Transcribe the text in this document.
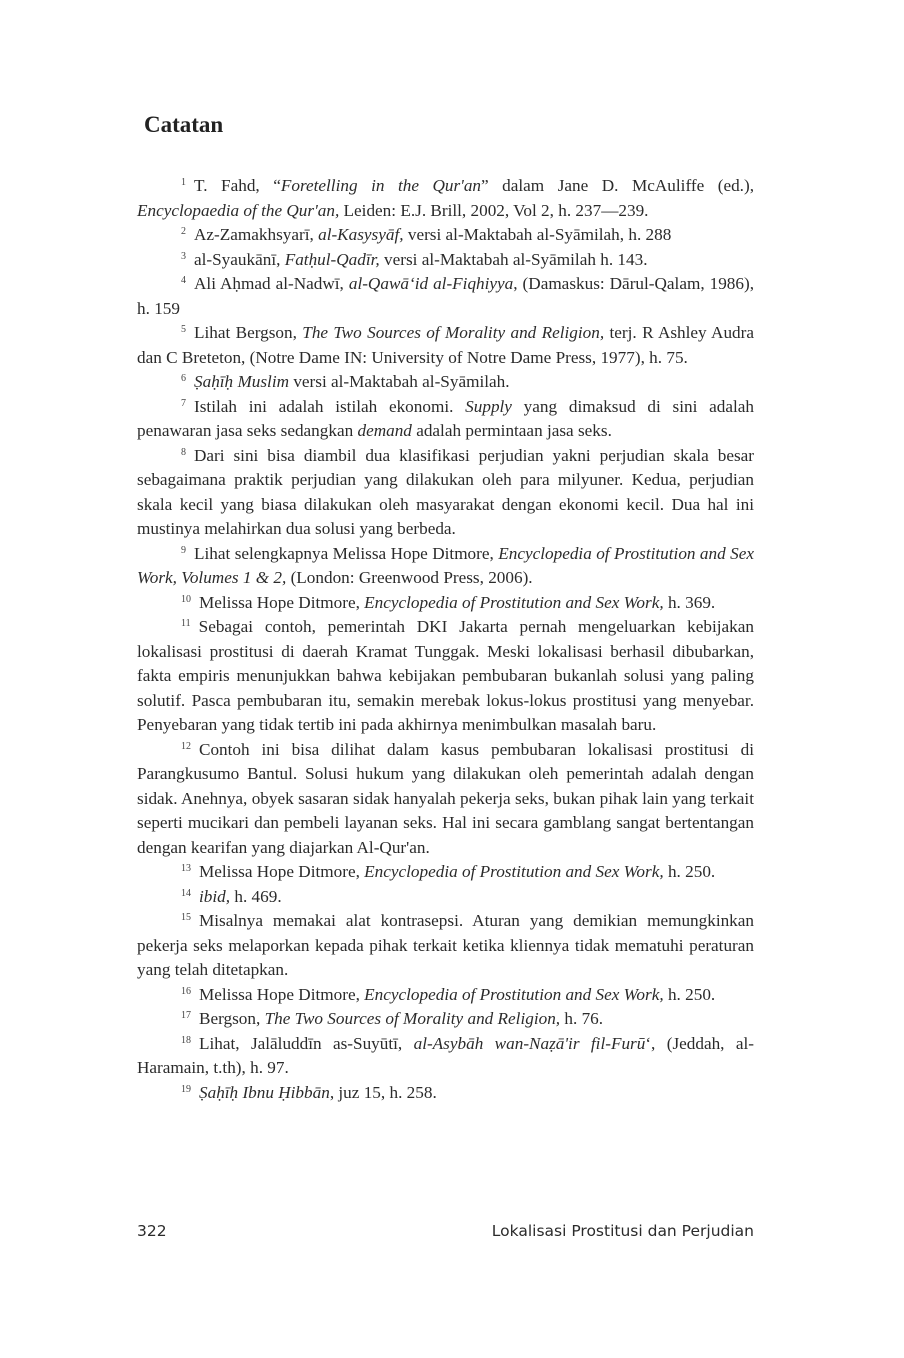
Catatan

$^1$ T. Fahd, “Foretelling in the Qur'an” dalam Jane D. McAuliffe (ed.), Encyclopaedia of the Qur'an, Leiden: E.J. Brill, 2002, Vol 2, h. 237—239.

$^2$ Az-Zamakhsyarī, al-Kasysyāf, versi al-Maktabah al-Syāmilah, h. 288

$^3$ al-Syaukānī, Fatḥul-Qadīr, versi al-Maktabah al-Syāmilah h. 143.

$^4$ Ali Aḥmad al-Nadwī, al-Qawā‘id al-Fiqhiyya, (Damaskus: Dārul-Qalam, 1986), h. 159

$^5$ Lihat Bergson, The Two Sources of Morality and Religion, terj. R Ashley Audra dan C Breteton, (Notre Dame IN: University of Notre Dame Press, 1977), h. 75.

$^6$ Ṣaḥīḥ Muslim versi al-Maktabah al-Syāmilah.

$^7$ Istilah ini adalah istilah ekonomi. Supply yang dimaksud di sini adalah penawaran jasa seks sedangkan demand adalah permintaan jasa seks.

$^8$ Dari sini bisa diambil dua klasifikasi perjudian yakni perjudian skala besar sebagaimana praktik perjudian yang dilakukan oleh para milyuner. Kedua, perjudian skala kecil yang biasa dilakukan oleh masyarakat dengan ekonomi kecil. Dua hal ini mustinya melahirkan dua solusi yang berbeda.

$^9$ Lihat selengkapnya Melissa Hope Ditmore, Encyclopedia of Prostitution and Sex Work, Volumes 1 & 2, (London: Greenwood Press, 2006).

$^{10}$ Melissa Hope Ditmore, Encyclopedia of Prostitution and Sex Work, h. 369.

$^{11}$ Sebagai contoh, pemerintah DKI Jakarta pernah mengeluarkan kebijakan lokalisasi prostitusi di daerah Kramat Tunggak. Meski lokalisasi berhasil dibubarkan, fakta empiris menunjukkan bahwa kebijakan pembubaran bukanlah solusi yang paling solutif. Pasca pembubaran itu, semakin merebak lokus-lokus prostitusi yang menyebar. Penyebaran yang tidak tertib ini pada akhirnya menimbulkan masalah baru.

$^{12}$ Contoh ini bisa dilihat dalam kasus pembubaran lokalisasi prostitusi di Parangkusumo Bantul. Solusi hukum yang dilakukan oleh pemerintah adalah dengan sidak. Anehnya, obyek sasaran sidak hanyalah pekerja seks, bukan pihak lain yang terkait seperti mucikari dan pembeli layanan seks. Hal ini secara gamblang sangat bertentangan dengan kearifan yang diajarkan Al-Qur'an.

$^{13}$ Melissa Hope Ditmore, Encyclopedia of Prostitution and Sex Work, h. 250.

$^{14}$ ibid, h. 469.

$^{15}$ Misalnya memakai alat kontrasepsi. Aturan yang demikian memungkinkan pekerja seks melaporkan kepada pihak terkait ketika kliennya tidak mematuhi peraturan yang telah ditetapkan.

$^{16}$ Melissa Hope Ditmore, Encyclopedia of Prostitution and Sex Work, h. 250.

$^{17}$ Bergson, The Two Sources of Morality and Religion, h. 76.

$^{18}$ Lihat, Jalāluddīn as-Suyūtī, al-Asybāh wan-Naẓā'ir fil-Furū‘, (Jeddah, al-Haramain, t.th), h. 97.

$^{19}$ Ṣaḥīḥ Ibnu Ḥibbān, juz 15, h. 258.

322	Lokalisasi Prostitusi dan Perjudian
